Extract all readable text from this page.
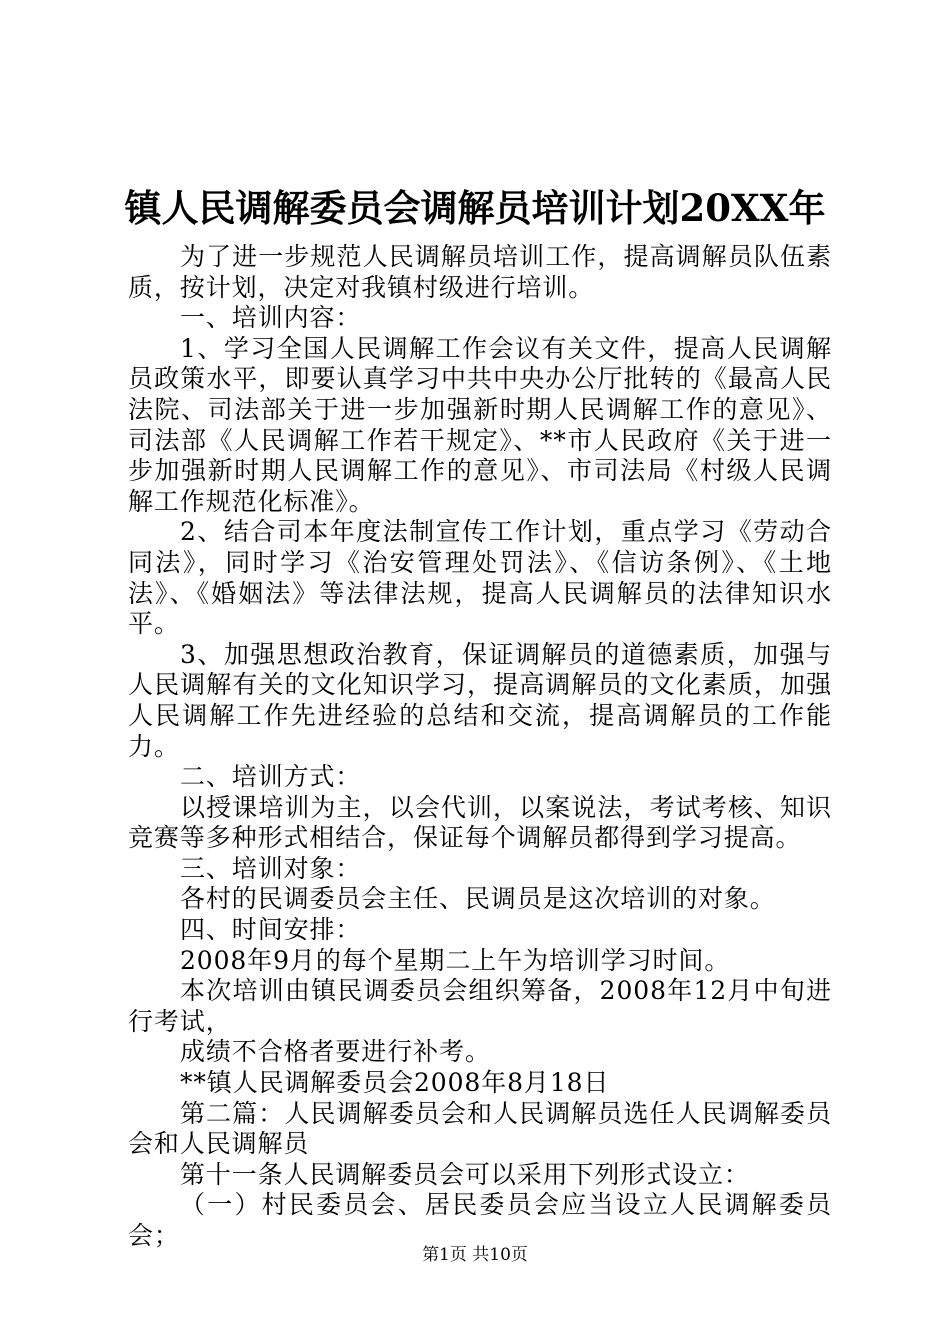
镇人民调解委员会调解员培训计划20XX年

为了进一步规范人民调解员培训工作，提高调解员队伍素质，按计划，决定对我镇村级进行培训。

一、培训内容：

1、学习全国人民调解工作会议有关文件，提高人民调解员政策水平，即要认真学习中共中央办公厅批转的《最高人民法院、司法部关于进一步加强新时期人民调解工作的意见》、司法部《人民调解工作若干规定》、**市人民政府《关于进一步加强新时期人民调解工作的意见》、市司法局《村级人民调解工作规范化标准》。

2、结合司本年度法制宣传工作计划，重点学习《劳动合同法》，同时学习《治安管理处罚法》、《信访条例》、《土地法》、《婚姻法》等法律法规，提高人民调解员的法律知识水平。

3、加强思想政治教育，保证调解员的道德素质，加强与人民调解有关的文化知识学习，提高调解员的文化素质，加强人民调解工作先进经验的总结和交流，提高调解员的工作能力。

二、培训方式：

以授课培训为主，以会代训，以案说法，考试考核、知识竞赛等多种形式相结合，保证每个调解员都得到学习提高。

三、培训对象：

各村的民调委员会主任、民调员是这次培训的对象。

四、时间安排：

2008年9月的每个星期二上午为培训学习时间。

本次培训由镇民调委员会组织筹备，2008年12月中旬进行考试，

成绩不合格者要进行补考。

**镇人民调解委员会2008年8月18日

第二篇：人民调解委员会和人民调解员选任人民调解委员会和人民调解员

第十一条人民调解委员会可以采用下列形式设立：

（一）村民委员会、居民委员会应当设立人民调解委员会；

第1页 共10页
